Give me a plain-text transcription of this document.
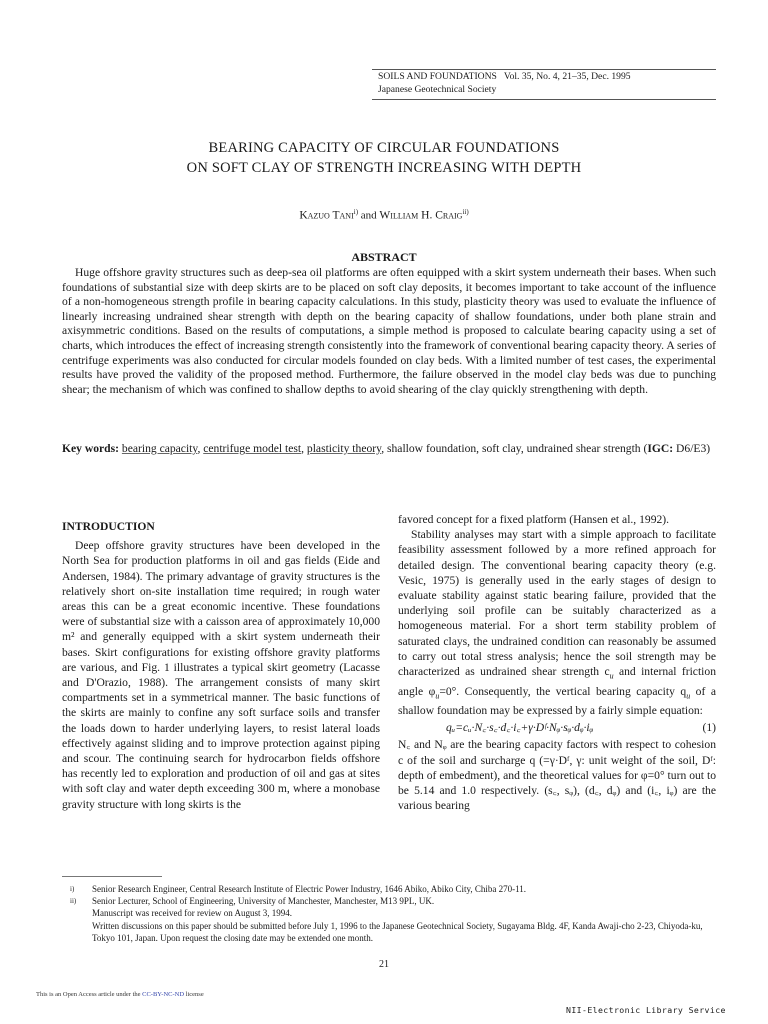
SOILS AND FOUNDATIONS   Vol. 35, No. 4, 21–35, Dec. 1995
Japanese Geotechnical Society
BEARING CAPACITY OF CIRCULAR FOUNDATIONS
ON SOFT CLAY OF STRENGTH INCREASING WITH DEPTH
Kazuo Tani$^{i)}$ and William H. Craig$^{ii)}$
ABSTRACT
Huge offshore gravity structures such as deep-sea oil platforms are often equipped with a skirt system underneath their bases. When such foundations of substantial size with deep skirts are to be placed on soft clay deposits, it becomes important to take account of the influence of a non-homogeneous strength profile in bearing capacity calculations. In this study, plasticity theory was used to evaluate the influence of linearly increasing undrained shear strength with depth on the bearing capacity of shallow foundations, under both plane strain and axisymmetric conditions. Based on the results of computations, a simple method is proposed to calculate bearing capacity using a set of charts, which introduces the effect of increasing strength consistently into the framework of conventional bearing capacity theory. A series of centrifuge experiments was also conducted for circular models founded on clay beds. With a limited number of test cases, the experimental results have proved the validity of the proposed method. Furthermore, the failure observed in the model clay beds was due to punching shear; the mechanism of which was confined to shallow depths to avoid shearing of the clay quickly strengthening with depth.
Key words: bearing capacity, centrifuge model test, plasticity theory, shallow foundation, soft clay, undrained shear strength (IGC: D6/E3)
INTRODUCTION

Deep offshore gravity structures have been developed in the North Sea for production platforms in oil and gas fields (Eide and Andersen, 1984). The primary advantage of gravity structures is the relatively short on-site installation time required; in rough water areas this can be a great economic incentive. These foundations were of substantial size with a caisson area of approximately 10,000 m² and generally equipped with a skirt system underneath their bases. Skirt configurations for existing offshore gravity platforms are various, and Fig. 1 illustrates a typical skirt geometry (Lacasse and D'Orazio, 1988). The arrangement consists of many skirt compartments set in a symmetrical manner. The basic functions of the skirts are mainly to confine any soft surface soils and transfer the loads down to harder underlying layers, to resist lateral loads effectively against sliding and to improve protection against piping and scour. The continuing search for hydrocarbon fields offshore has recently led to exploration and production of oil and gas at sites with soft clay and water depth exceeding 300 m, where a monobase gravity structure with long skirts is the

favored concept for a fixed platform (Hansen et al., 1992).

Stability analyses may start with a simple approach to facilitate feasibility assessment followed by a more refined approach for detailed design. The conventional bearing capacity theory (e.g. Vesic, 1975) is generally used in the early stages of design to evaluate stability against static bearing failure, provided that the underlying soil profile can be suitably characterized as a homogeneous material. For a short term stability problem of saturated clays, the undrained condition can reasonably be assumed to carry out total stress analysis; hence the soil strength may be characterized as undrained shear strength $c_u$ and internal friction angle $\varphi_u=0^\circ$. Consequently, the vertical bearing capacity $q_u$ of a shallow foundation may be expressed by a fairly simple equation:

qᵤ=cᵤ·N꜀·s꜀·d꜀·i꜀+γ·Dᶠ·Nᵩ·sᵩ·dᵩ·iᵩ	(1)

N꜀ and Nᵩ are the bearing capacity factors with respect to cohesion c of the soil and surcharge q (=γ·Dᶠ, γ: unit weight of the soil, Dᶠ: depth of embedment), and the theoretical values for φ=0° turn out to be 5.14 and 1.0 respectively. (s꜀, sᵩ), (d꜀, dᵩ) and (i꜀, iᵩ) are the various bearing

i)	Senior Research Engineer, Central Research Institute of Electric Power Industry, 1646 Abiko, Abiko City, Chiba 270-11.
ii)	Senior Lecturer, School of Engineering, University of Manchester, Manchester, M13 9PL, UK.
Manuscript was received for review on August 3, 1994.
Written discussions on this paper should be submitted before July 1, 1996 to the Japanese Geotechnical Society, Sugayama Bldg. 4F, Kanda Awaji-cho 2-23, Chiyoda-ku, Tokyo 101, Japan. Upon request the closing date may be extended one month.
21
This is an Open Access article under the CC-BY-NC-ND license
NII-Electronic Library Service
